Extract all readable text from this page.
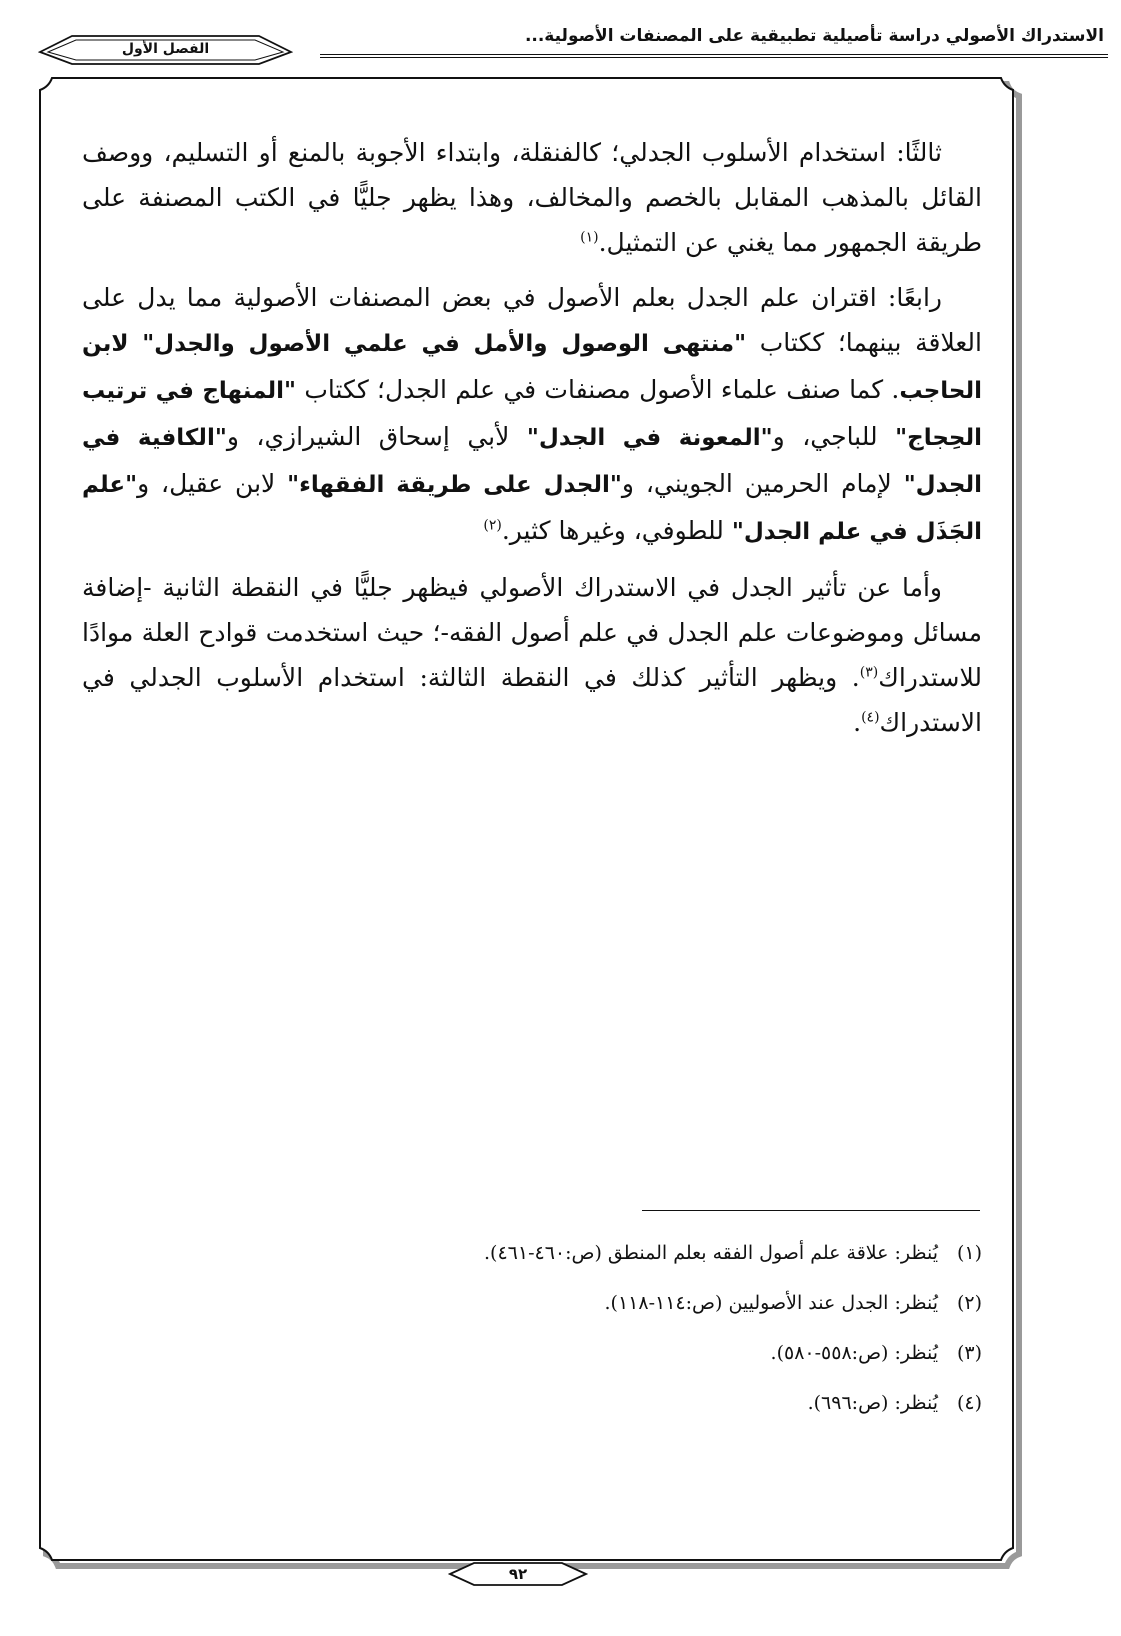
الاستدراك الأصولي دراسة تأصيلية تطبيقية على المصنفات الأصولية...
الفصل الأول

ثالثًا: استخدام الأسلوب الجدلي؛ كالفنقلة، وابتداء الأجوبة بالمنع أو التسليم، ووصف القائل بالمذهب المقابل بالخصم والمخالف، وهذا يظهر جليًّا في الكتب المصنفة على طريقة الجمهور مما يغني عن التمثيل.$^{(١)}$

رابعًا: اقتران علم الجدل بعلم الأصول في بعض المصنفات الأصولية مما يدل على العلاقة بينهما؛ ككتاب "منتهى الوصول والأمل في علمي الأصول والجدل" لابن الحاجب. كما صنف علماء الأصول مصنفات في علم الجدل؛ ككتاب "المنهاج في ترتيب الحِجاج" للباجي، و"المعونة في الجدل" لأبي إسحاق الشيرازي، و"الكافية في الجدل" لإمام الحرمين الجويني، و"الجدل على طريقة الفقهاء" لابن عقيل، و"علم الجَذَل في علم الجدل" للطوفي، وغيرها كثير.$^{(٢)}$

وأما عن تأثير الجدل في الاستدراك الأصولي فيظهر جليًّا في النقطة الثانية -إضافة مسائل وموضوعات علم الجدل في علم أصول الفقه-؛ حيث استخدمت قوادح العلة موادًا للاستدراك$^{(٣)}$. ويظهر التأثير كذلك في النقطة الثالثة: استخدام الأسلوب الجدلي في الاستدراك$^{(٤)}$.

(١)يُنظر: علاقة علم أصول الفقه بعلم المنطق (ص:٤٦٠-٤٦١).
(٢)يُنظر: الجدل عند الأصوليين (ص:١١٤-١١٨).
(٣)يُنظر: (ص:٥٥٨-٥٨٠).
(٤)يُنظر: (ص:٦٩٦).
٩٢
